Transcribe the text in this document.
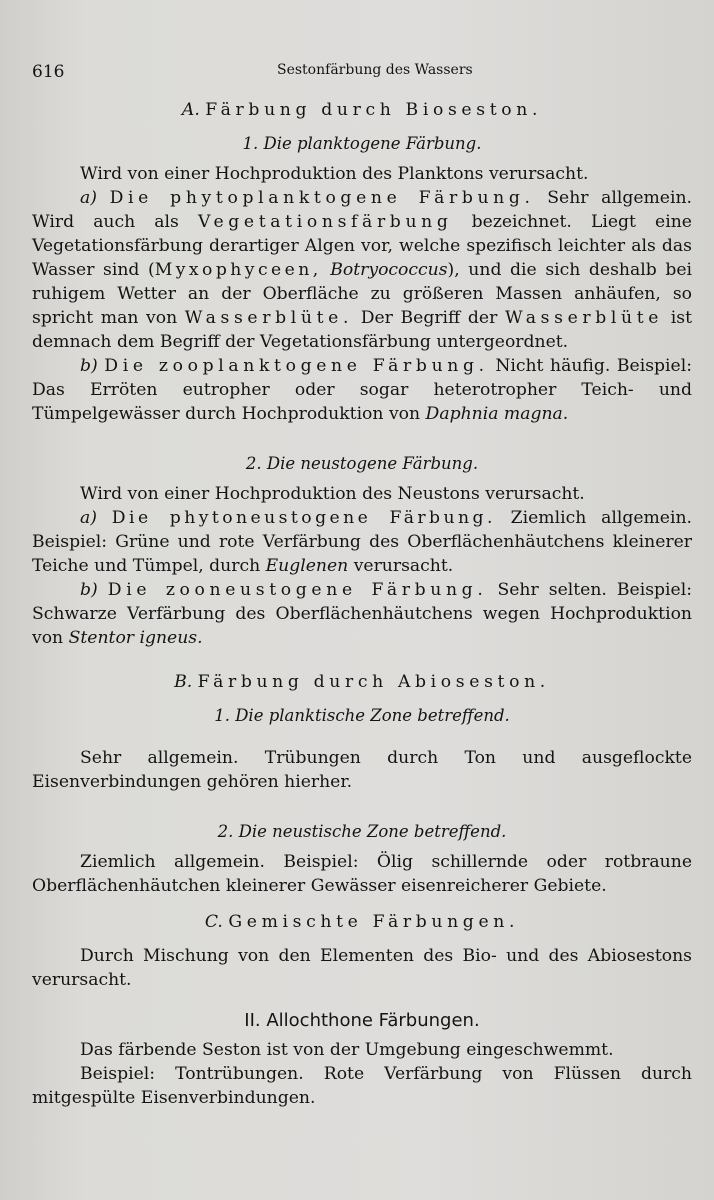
616	Sestonfärbung des Wassers
A. Färbung durch Bioseston.
1. Die planktogene Färbung.

Wird von einer Hochproduktion des Planktons verursacht.

a) Die phytoplanktogene Färbung. Sehr allgemein. Wird auch als Vegetationsfärbung bezeichnet. Liegt eine Vegetationsfärbung derartiger Algen vor, welche spezifisch leichter als das Wasser sind (Myxophyceen, Botryococcus), und die sich deshalb bei ruhigem Wetter an der Oberfläche zu größeren Massen anhäufen, so spricht man von Wasserblüte. Der Begriff der Wasserblüte ist demnach dem Begriff der Vegetationsfärbung untergeordnet.

b) Die zooplanktogene Färbung. Nicht häufig. Beispiel: Das Erröten eutropher oder sogar heterotropher Teich- und Tümpelgewässer durch Hochproduktion von Daphnia magna.

2. Die neustogene Färbung.

Wird von einer Hochproduktion des Neustons verursacht.

a) Die phytoneustogene Färbung. Ziemlich allgemein. Beispiel: Grüne und rote Verfärbung des Oberflächenhäutchens kleinerer Teiche und Tümpel, durch Euglenen verursacht.

b) Die zooneustogene Färbung. Sehr selten. Beispiel: Schwarze Verfärbung des Oberflächenhäutchens wegen Hochproduktion von Stentor igneus.

B. Färbung durch Abioseston.
1. Die planktische Zone betreffend.

Sehr allgemein. Trübungen durch Ton und ausgeflockte Eisenverbindungen gehören hierher.

2. Die neustische Zone betreffend.

Ziemlich allgemein. Beispiel: Ölig schillernde oder rotbraune Oberflächenhäutchen kleinerer Gewässer eisenreicherer Gebiete.

C. Gemischte Färbungen.

Durch Mischung von den Elementen des Bio- und des Abiosestons verursacht.

II. Allochthone Färbungen.

Das färbende Seston ist von der Umgebung eingeschwemmt.

Beispiel: Tontrübungen. Rote Verfärbung von Flüssen durch mitgespülte Eisenverbindungen.
